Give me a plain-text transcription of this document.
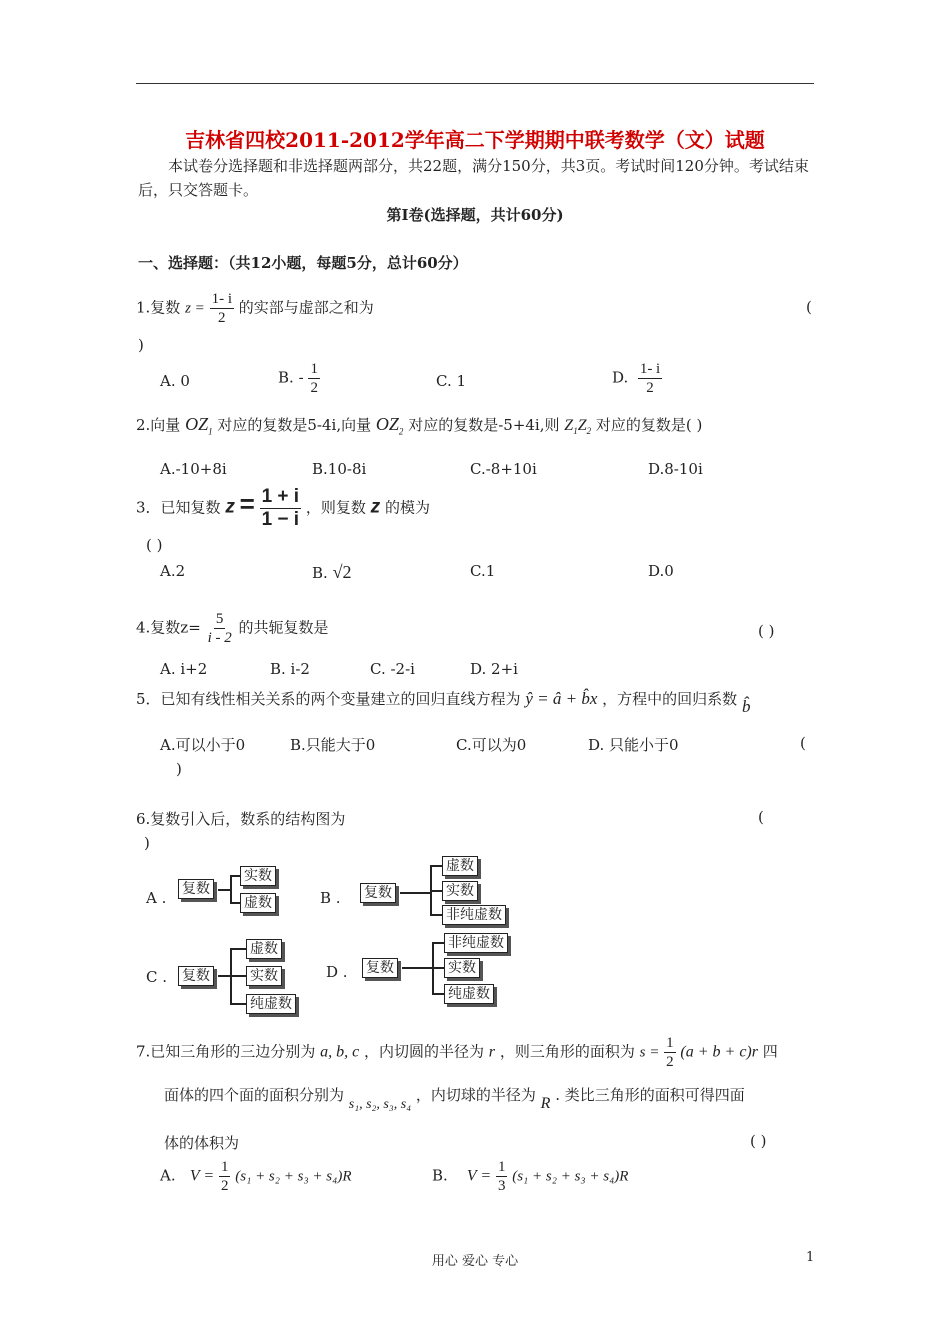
吉林省四校2011-2012学年高二下学期期中联考数学（文）试题
本试卷分选择题和非选择题两部分，共22题，满分150分，共3页。考试时间120分钟。考试结束后，只交答题卡。
第Ⅰ卷(选择题，共计60分)
一、选择题：（共12小题，每题5分，总计60分）
1.复数 $z = \frac{1- i}{2}$ 的实部与虚部之和为	(
)
A. 0	B. - $\frac{1}{2}$	C. 1	D. $\frac{1- i}{2}$
2.向量 $OZ_1$ 对应的复数是5-4i,向量 $OZ_2$ 对应的复数是-5+4i,则 $Z_1Z_2$ 对应的复数是( )
A.-10+8i	B.10-8i	C.-8+10i	D.8-10i
3．已知复数 $z = \frac{1 + i}{1 - i}$ ，则复数 z 的模为
( )
A.2	B. √2	C.1	D.0
4.复数$z= \frac{5}{i - 2}$ 的共轭复数是	( )
A. i+2	B. i-2	C. -2-i	D. 2+i
5．已知有线性相关关系的两个变量建立的回归直线方程为 ŷ = â + b̂x ，方程中的回归系数 b̂
A.可以小于0	B.只能大于0	C.可以为0	D. 只能小于0	(
)
6.复数引入后，数系的结构图为	(
)
A . 复数
实数
虚数	B . 复数
虚数
实数
非纯虚数
C . 复数
虚数
实数
纯虚数
D . 复数
非纯虚数
实数
纯虚数
7.已知三角形的三边分别为 a, b, c ，内切圆的半径为 r ，则三角形的面积为 $s = \frac{1}{2} (a + b + c)r$ 四
面体的四个面的面积分别为 s₁, s₂, s₃, s₄ ，内切球的半径为 R . 类比三角形的面积可得四面
体的体积为	( )
A. $V = \frac{1}{2} (s_1 + s_2 + s_3 + s_4)R$	B. $V = \frac{1}{3} (s_1 + s_2 + s_3 + s_4)R$
用心 爱心 专心	1
